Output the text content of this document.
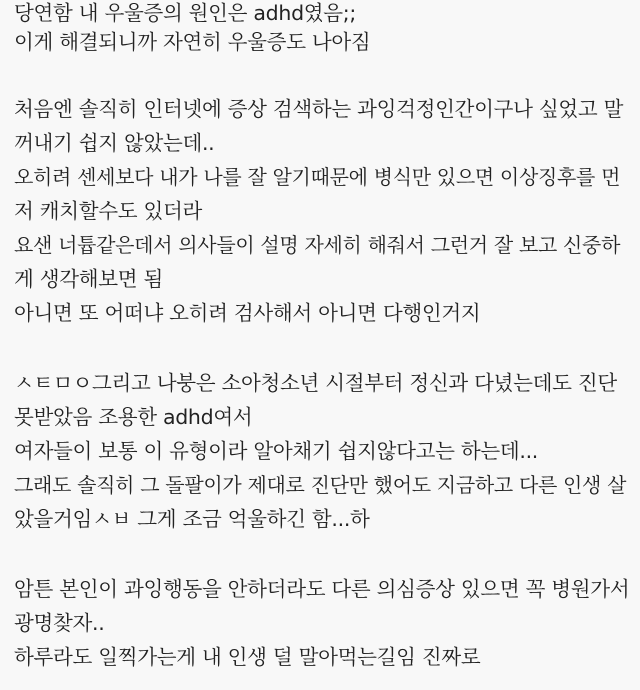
당연함 내 우울증의 원인은 adhd였음;;
이게 해결되니까 자연히 우울증도 나아짐
처음엔 솔직히 인터넷에 증상 검색하는 과잉걱정인간이구나 싶었고 말
꺼내기 쉽지 않았는데..
오히려 센세보다 내가 나를 잘 알기때문에 병식만 있으면 이상징후를 먼
저 캐치할수도 있더라
요샌 너튭같은데서 의사들이 설명 자세히 해줘서 그런거 잘 보고 신중하
게 생각해보면 됨
아니면 또 어떠냐 오히려 검사해서 아니면 다행인거지
ㅅㅌㅁㅇ그리고 나붕은 소아청소년 시절부터 정신과 다녔는데도 진단
못받았음 조용한 adhd여서
여자들이 보통 이 유형이라 알아채기 쉽지않다고는 하는데...
그래도 솔직히 그 돌팔이가 제대로 진단만 했어도 지금하고 다른 인생 살
았을거임ㅅㅂ 그게 조금 억울하긴 함...하
암튼 본인이 과잉행동을 안하더라도 다른 의심증상 있으면 꼭 병원가서
광명찾자..
하루라도 일찍가는게 내 인생 덜 말아먹는길임 진짜로
